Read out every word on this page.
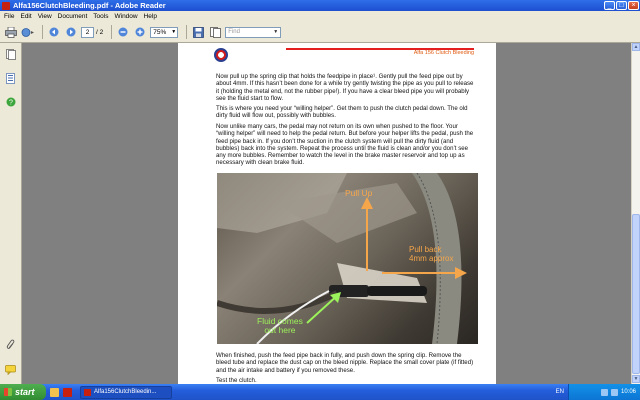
Alfa156ClutchBleeding.pdf - Adobe Reader	_	□	×
File Edit View Document Tools Window Help
2	/ 2	75% ▼	Find	▼
?
Alfa 156 Clutch Bleeding

Now pull up the spring clip that holds the feedpipe in place¹. Gently pull the feed pipe out by about 4mm. If this hasn’t been done for a while try gently twisting the pipe as you pull to release it (holding the metal end, not the rubber pipe!). If you have a clear bleed pipe you will probably see the fluid start to flow.

This is where you need your “willing helper”. Get them to push the clutch pedal down. The old dirty fluid will flow out, possibly with bubbles.

Now unlike many cars, the pedal may not return on its own when pushed to the floor. Your “willing helper” will need to help the pedal return. But before your helper lifts the pedal, push the feed pipe back in. If you don’t the suction in the clutch system will pull the dirty fluid (and bubbles) back into the system. Repeat the process until the fluid is clean and/or you don’t see any more bubbles. Remember to watch the level in the brake master reservoir and top up as necessary with clean brake fluid.

Pull Up
Pull back
4mm approx
Fluid comes
out here

When finished, push the feed pipe back in fully, and push down the spring clip. Remove the bleed tube and replace the dust cap on the bleed nipple. Replace the small cover plate (if fitted) and the air intake and battery if you removed these.

Test the clutch.

▲
▼
start	Alfa156ClutchBleedin...	EN	10:06
